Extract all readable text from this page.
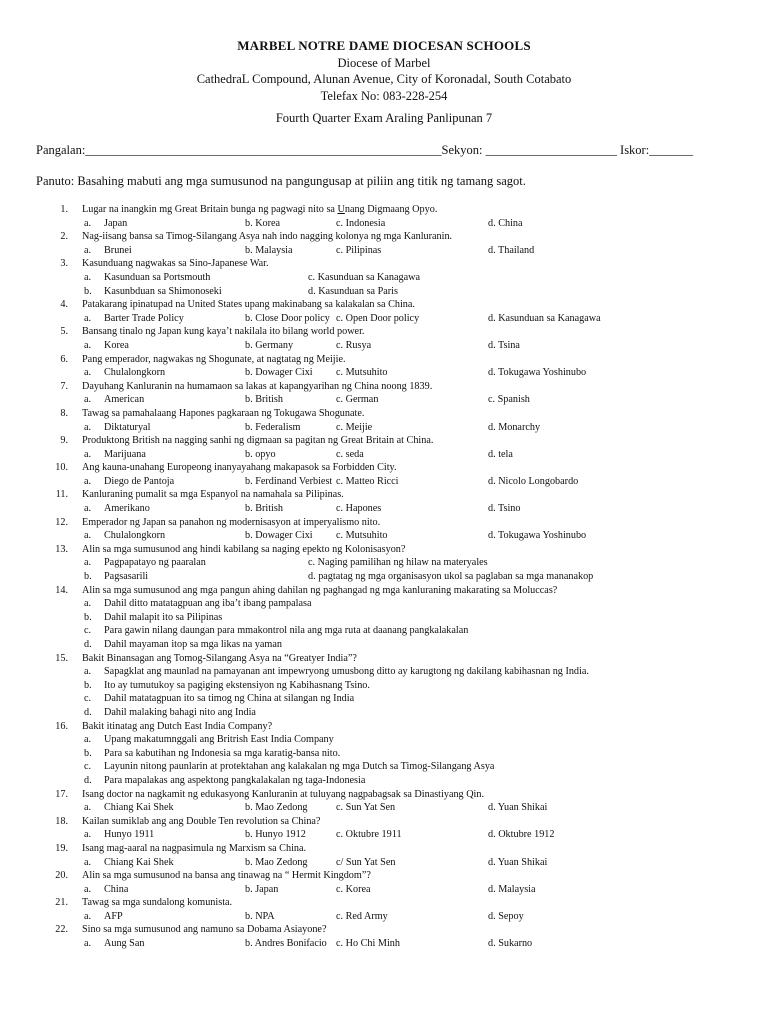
MARBEL NOTRE DAME DIOCESAN SCHOOLS
Diocese of Marbel
CathedraL Compound, Alunan Avenue, City of Koronadal, South Cotabato
Telefax No: 083-228-254
Fourth Quarter Exam Araling Panlipunan 7
Pangalan:_________________________________________________________Sekyon: _____________________ Iskor:_______
Panuto: Basahing mabuti ang mga sumusunod na pangungusap at piliin ang titik ng tamang sagot.
1. Lugar na inangkin mg Great Britain bunga ng pagwagi nito sa Unang Digmaang Opyo.
a. Japan	b. Korea	c. Indonesia	d. China
2. Nag-iisang bansa sa Timog-Silangang Asya nah indo nagging kolonya ng mga Kanluranin.
a. Brunei	b. Malaysia	c. Pilipinas	d. Thailand
3. Kasunduang nagwakas sa Sino-Japanese War.
a. Kasunduan sa Portsmouth	c. Kasunduan sa Kanagawa
b. Kasunbduan sa Shimonoseki	d. Kasunduan sa Paris
4. Patakarang ipinatupad na United States upang makinabang sa kalakalan sa China.
a. Barter Trade Policy	b. Close Door policy c. Open Door policy	d. Kasunduan sa Kanagawa
5. Bansang tinalo ng Japan kung kaya’t nakilala ito bilang world power.
a. Korea	b. Germany	c. Rusya	d. Tsina
6. Pang emperador, nagwakas ng Shogunate, at nagtatag ng Meijie.
a. Chulalongkorn	b. Dowager Cixi c. Mutsuhito	d. Tokugawa Yoshinubo
7. Dayuhang Kanluranin na humamaon sa lakas at kapangyarihan ng China noong 1839.
a. American	b. British	c. German	c. Spanish
8. Tawag sa pamahalaang Hapones pagkaraan ng Tokugawa Shogunate.
a. Diktaturyal	b. Federalism	c. Meijie	d. Monarchy
9. Produktong British na nagging sanhi ng digmaan sa pagitan ng Great Britain at China.
a. Marijuana	b. opyo	c. seda	d. tela
10. Ang kauna-unahang Europeong inanyayahang makapasok sa Forbidden City.
a. Diego de Pantoja	b. Ferdinand Verbiest c. Matteo Ricci	d. Nicolo Longobardo
11. Kanluraning pumalit sa mga Espanyol na namahala sa Pilipinas.
a. Amerikano	b. British	c. Hapones	d. Tsino
12. Emperador ng Japan sa panahon ng modernisasyon at imperyalismo nito.
a. Chulalongkorn	b. Dowager Cixi c. Mutsuhito	d. Tokugawa Yoshinubo
13. Alin sa mga sumusunod ang hindi kabilang sa naging epekto ng Kolonisasyon?
a. Pagpapatayo ng paaralan	c. Naging pamilihan ng hilaw na materyales
b. Pagsasarili	d. pagtatag ng mga organisasyon ukol sa paglaban sa mga mananakop
14. Alin sa mga sumusunod ang mga pangun ahing dahilan ng paghangad ng mga kanluraning makarating sa Moluccas?
a. Dahil ditto matatagpuan ang iba’t ibang pampalasa
b. Dahil malapit ito sa Pilipinas
c. Para gawin nilang daungan para mmakontrol nila ang mga ruta at daanang pangkalakalan
d. Dahil mayaman itop sa mga likas na yaman
15. Bakit Binansagan ang Tomog-Silangang Asya na “Greatyer India”?
a. Sapagklat ang maunlad na pamayanan ant impewryong umusbong ditto ay karugtong ng dakilang kabihasnan ng India.
b. Ito ay tumutukoy sa pagiging ekstensiyon ng Kabihasnang Tsino.
c. Dahil matatagpuan ito sa timog ng China at silangan ng India
d. Dahil malaking bahagi nito ang India
16. Bakit itinatag ang Dutch East India Company?
a. Upang makatumnggali ang Britrish East India Company
b. Para sa kabutihan ng Indonesia sa mga karatig-bansa nito.
c. Layunin nitong paunlarin at protektahan ang kalakalan ng mga Dutch sa Timog-Silangang Asya
d. Para mapalakas ang aspektong pangkalakalan ng taga-Indonesia
17. Isang doctor na nagkamit ng edukasyong Kanluranin at tuluyang nagpabagsak sa Dinastiyang Qin.
a. Chiang Kai Shek	b. Mao Zedong	c. Sun Yat Sen	d. Yuan Shikai
18. Kailan sumiklab ang ang Double Ten revolution sa China?
a. Hunyo 1911	b. Hunyo 1912	c. Oktubre 1911	d. Oktubre 1912
19. Isang mag-aaral na nagpasimula ng Marxism sa China.
a. Chiang Kai Shek	b. Mao Zedong	c/ Sun Yat Sen	d. Yuan Shikai
20. Alin sa mga sumusunod na bansa ang tinawag na “ Hermit Kingdom”?
a. China	b. Japan	c. Korea	d. Malaysia
21. Tawag sa mga sundalong komunista.
a. AFP	b. NPA	c. Red Army	d. Sepoy
22. Sino sa mga sumusunod ang namuno sa Dobama Asiayone?
a. Aung San	b. Andres Bonifacio c. Ho Chi Minh	d. Sukarno
